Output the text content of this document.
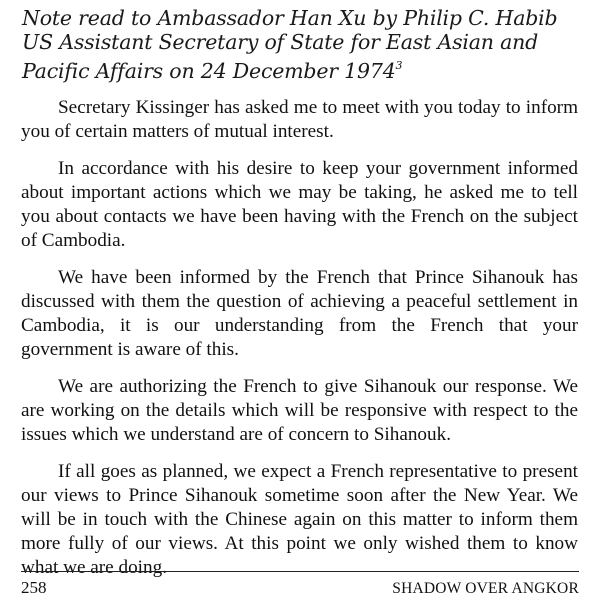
Note read to Ambassador Han Xu by Philip C. Habib
US Assistant Secretary of State for East Asian and
Pacific Affairs on 24 December 1974$^3$

Secretary Kissinger has asked me to meet with you today to inform you of certain matters of mutual interest.

In accordance with his desire to keep your government informed about important actions which we may be taking, he asked me to tell you about contacts we have been having with the French on the subject of Cambodia.

We have been informed by the French that Prince Sihanouk has discussed with them the question of achieving a peaceful settlement in Cambodia, it is our understanding from the French that your government is aware of this.

We are authorizing the French to give Sihanouk our response. We are working on the details which will be responsive with respect to the issues which we understand are of concern to Sihanouk.

If all goes as planned, we expect a French representative to present our views to Prince Sihanouk sometime soon after the New Year. We will be in touch with the Chinese again on this matter to inform them more fully of our views. At this point we only wished them to know what we are doing.

258	SHADOW OVER ANGKOR
